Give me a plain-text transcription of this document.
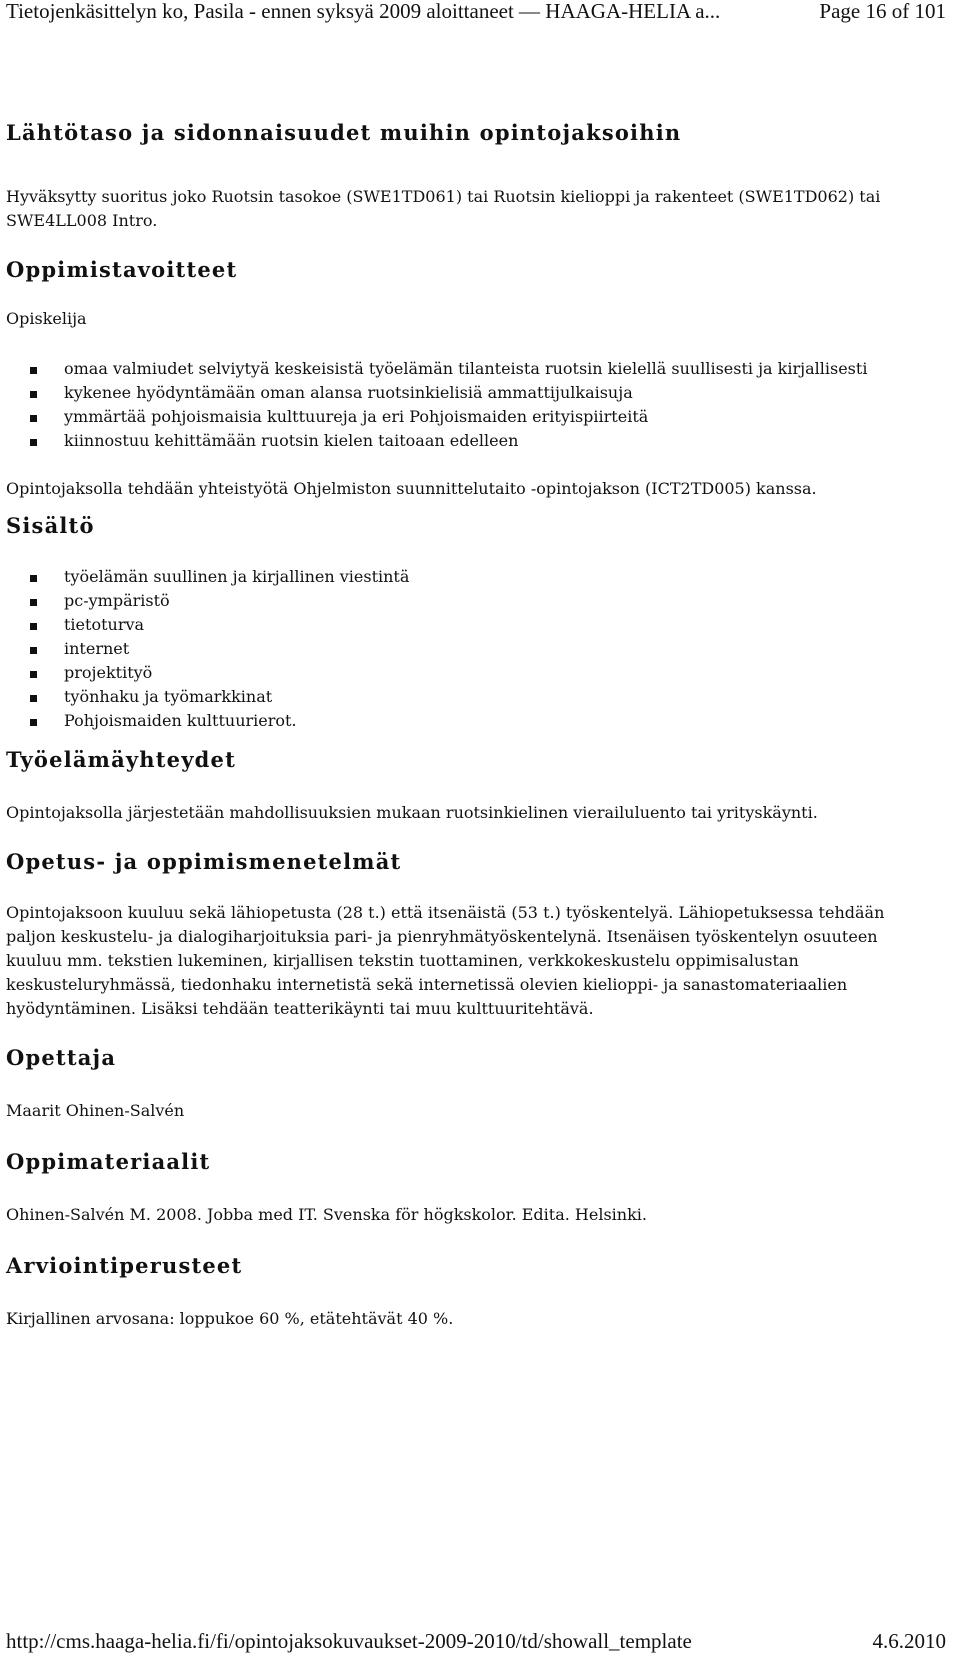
Tietojenkäsittelyn ko, Pasila - ennen syksyä 2009 aloittaneet — HAAGA-HELIA a...	Page 16 of 101
Lähtötaso ja sidonnaisuudet muihin opintojaksoihin

Hyväksytty suoritus joko Ruotsin tasokoe (SWE1TD061) tai Ruotsin kielioppi ja rakenteet (SWE1TD062) tai SWE4LL008 Intro.

Oppimistavoitteet

Opiskelija

omaa valmiudet selviytyä keskeisistä työelämän tilanteista ruotsin kielellä suullisesti ja kirjallisesti
kykenee hyödyntämään oman alansa ruotsinkielisiä ammattijulkaisuja
ymmärtää pohjoismaisia kulttuureja ja eri Pohjoismaiden erityispiirteitä
kiinnostuu kehittämään ruotsin kielen taitoaan edelleen

Opintojaksolla tehdään yhteistyötä Ohjelmiston suunnittelutaito -opintojakson (ICT2TD005) kanssa.

Sisältö
työelämän suullinen ja kirjallinen viestintä
pc-ympäristö
tietoturva
internet
projektityö
työnhaku ja työmarkkinat
Pohjoismaiden kulttuurierot.
Työelämäyhteydet

Opintojaksolla järjestetään mahdollisuuksien mukaan ruotsinkielinen vierailuluento tai yrityskäynti.

Opetus- ja oppimismenetelmät

Opintojaksoon kuuluu sekä lähiopetusta (28 t.) että itsenäistä (53 t.) työskentelyä. Lähiopetuksessa tehdään paljon keskustelu- ja dialogiharjoituksia pari- ja pienryhmätyöskentelynä. Itsenäisen työskentelyn osuuteen kuuluu mm. tekstien lukeminen, kirjallisen tekstin tuottaminen, verkkokeskustelu oppimisalustan keskusteluryhmässä, tiedonhaku internetistä sekä internetissä olevien kielioppi- ja sanastomateriaalien hyödyntäminen. Lisäksi tehdään teatterikäynti tai muu kulttuuritehtävä.

Opettaja

Maarit Ohinen-Salvén

Oppimateriaalit

Ohinen-Salvén M. 2008. Jobba med IT. Svenska för högkskolor. Edita. Helsinki.

Arviointiperusteet

Kirjallinen arvosana: loppukoe 60 %, etätehtävät 40 %.

http://cms.haaga-helia.fi/fi/opintojaksokuvaukset-2009-2010/td/showall_template	4.6.2010
